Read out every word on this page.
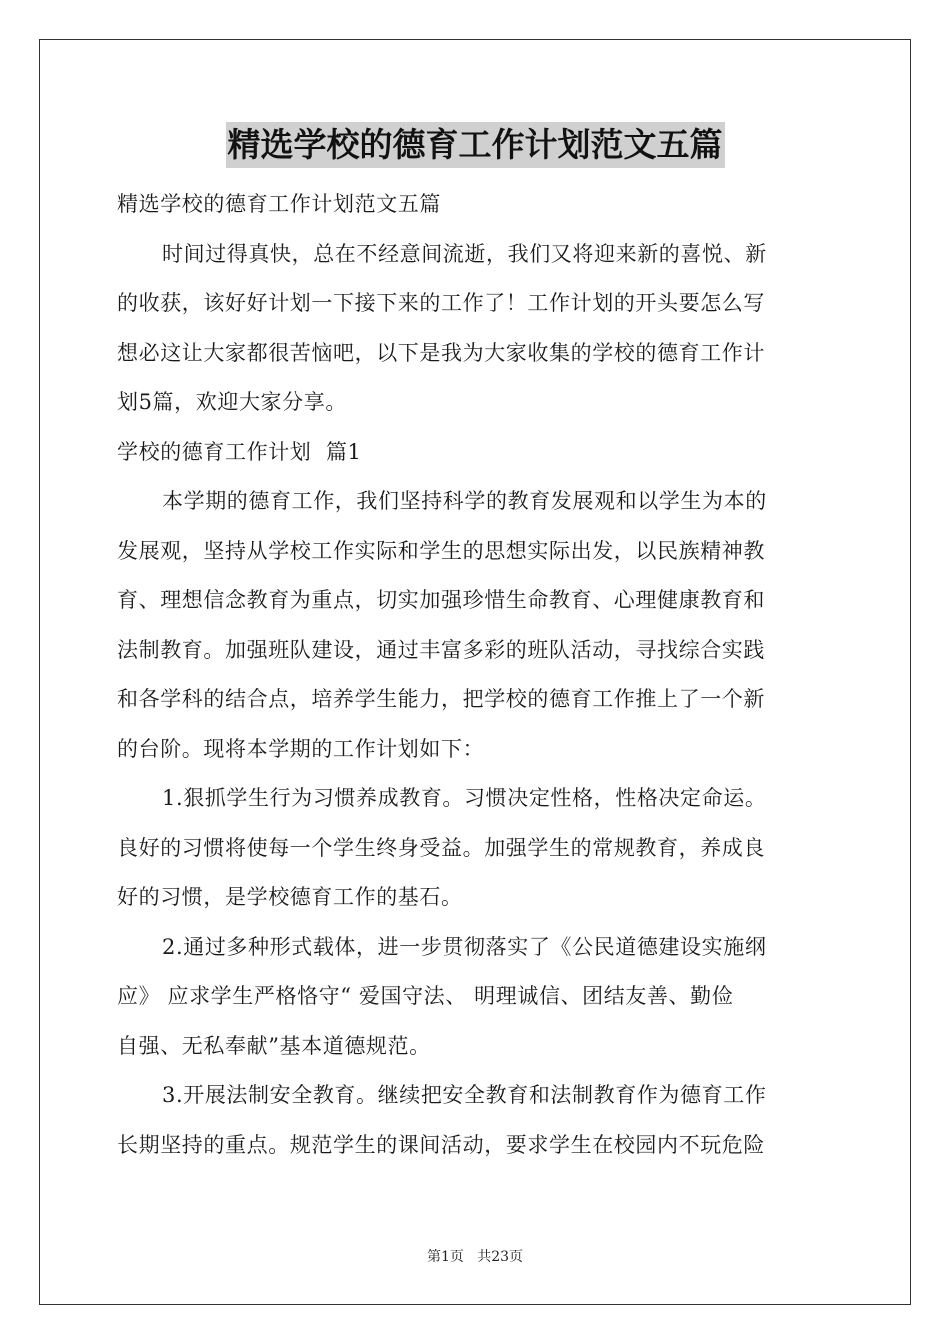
精选学校的德育工作计划范文五篇
精选学校的德育工作计划范文五篇
时间过得真快，总在不经意间流逝，我们又将迎来新的喜悦、新
的收获，该好好计划一下接下来的工作了！工作计划的开头要怎么写
想必这让大家都很苦恼吧，以下是我为大家收集的学校的德育工作计
划5篇，欢迎大家分享。
学校的德育工作计划  篇1
本学期的德育工作，我们坚持科学的教育发展观和以学生为本的
发展观，坚持从学校工作实际和学生的思想实际出发，以民族精神教
育、理想信念教育为重点，切实加强珍惜生命教育、心理健康教育和
法制教育。加强班队建设，通过丰富多彩的班队活动，寻找综合实践
和各学科的结合点，培养学生能力，把学校的德育工作推上了一个新
的台阶。现将本学期的工作计划如下：
1.狠抓学生行为习惯养成教育。习惯决定性格，性格决定命运。
良好的习惯将使每一个学生终身受益。加强学生的常规教育，养成良
好的习惯，是学校德育工作的基石。
2.通过多种形式载体，进一步贯彻落实了《公民道德建设实施纲
应》 应求学生严格恪守“ 爱国守法、 明理诚信、团结友善、勤俭
自强、无私奉献”基本道德规范。
3.开展法制安全教育。继续把安全教育和法制教育作为德育工作
长期坚持的重点。规范学生的课间活动，要求学生在校园内不玩危险
第1页   共23页
